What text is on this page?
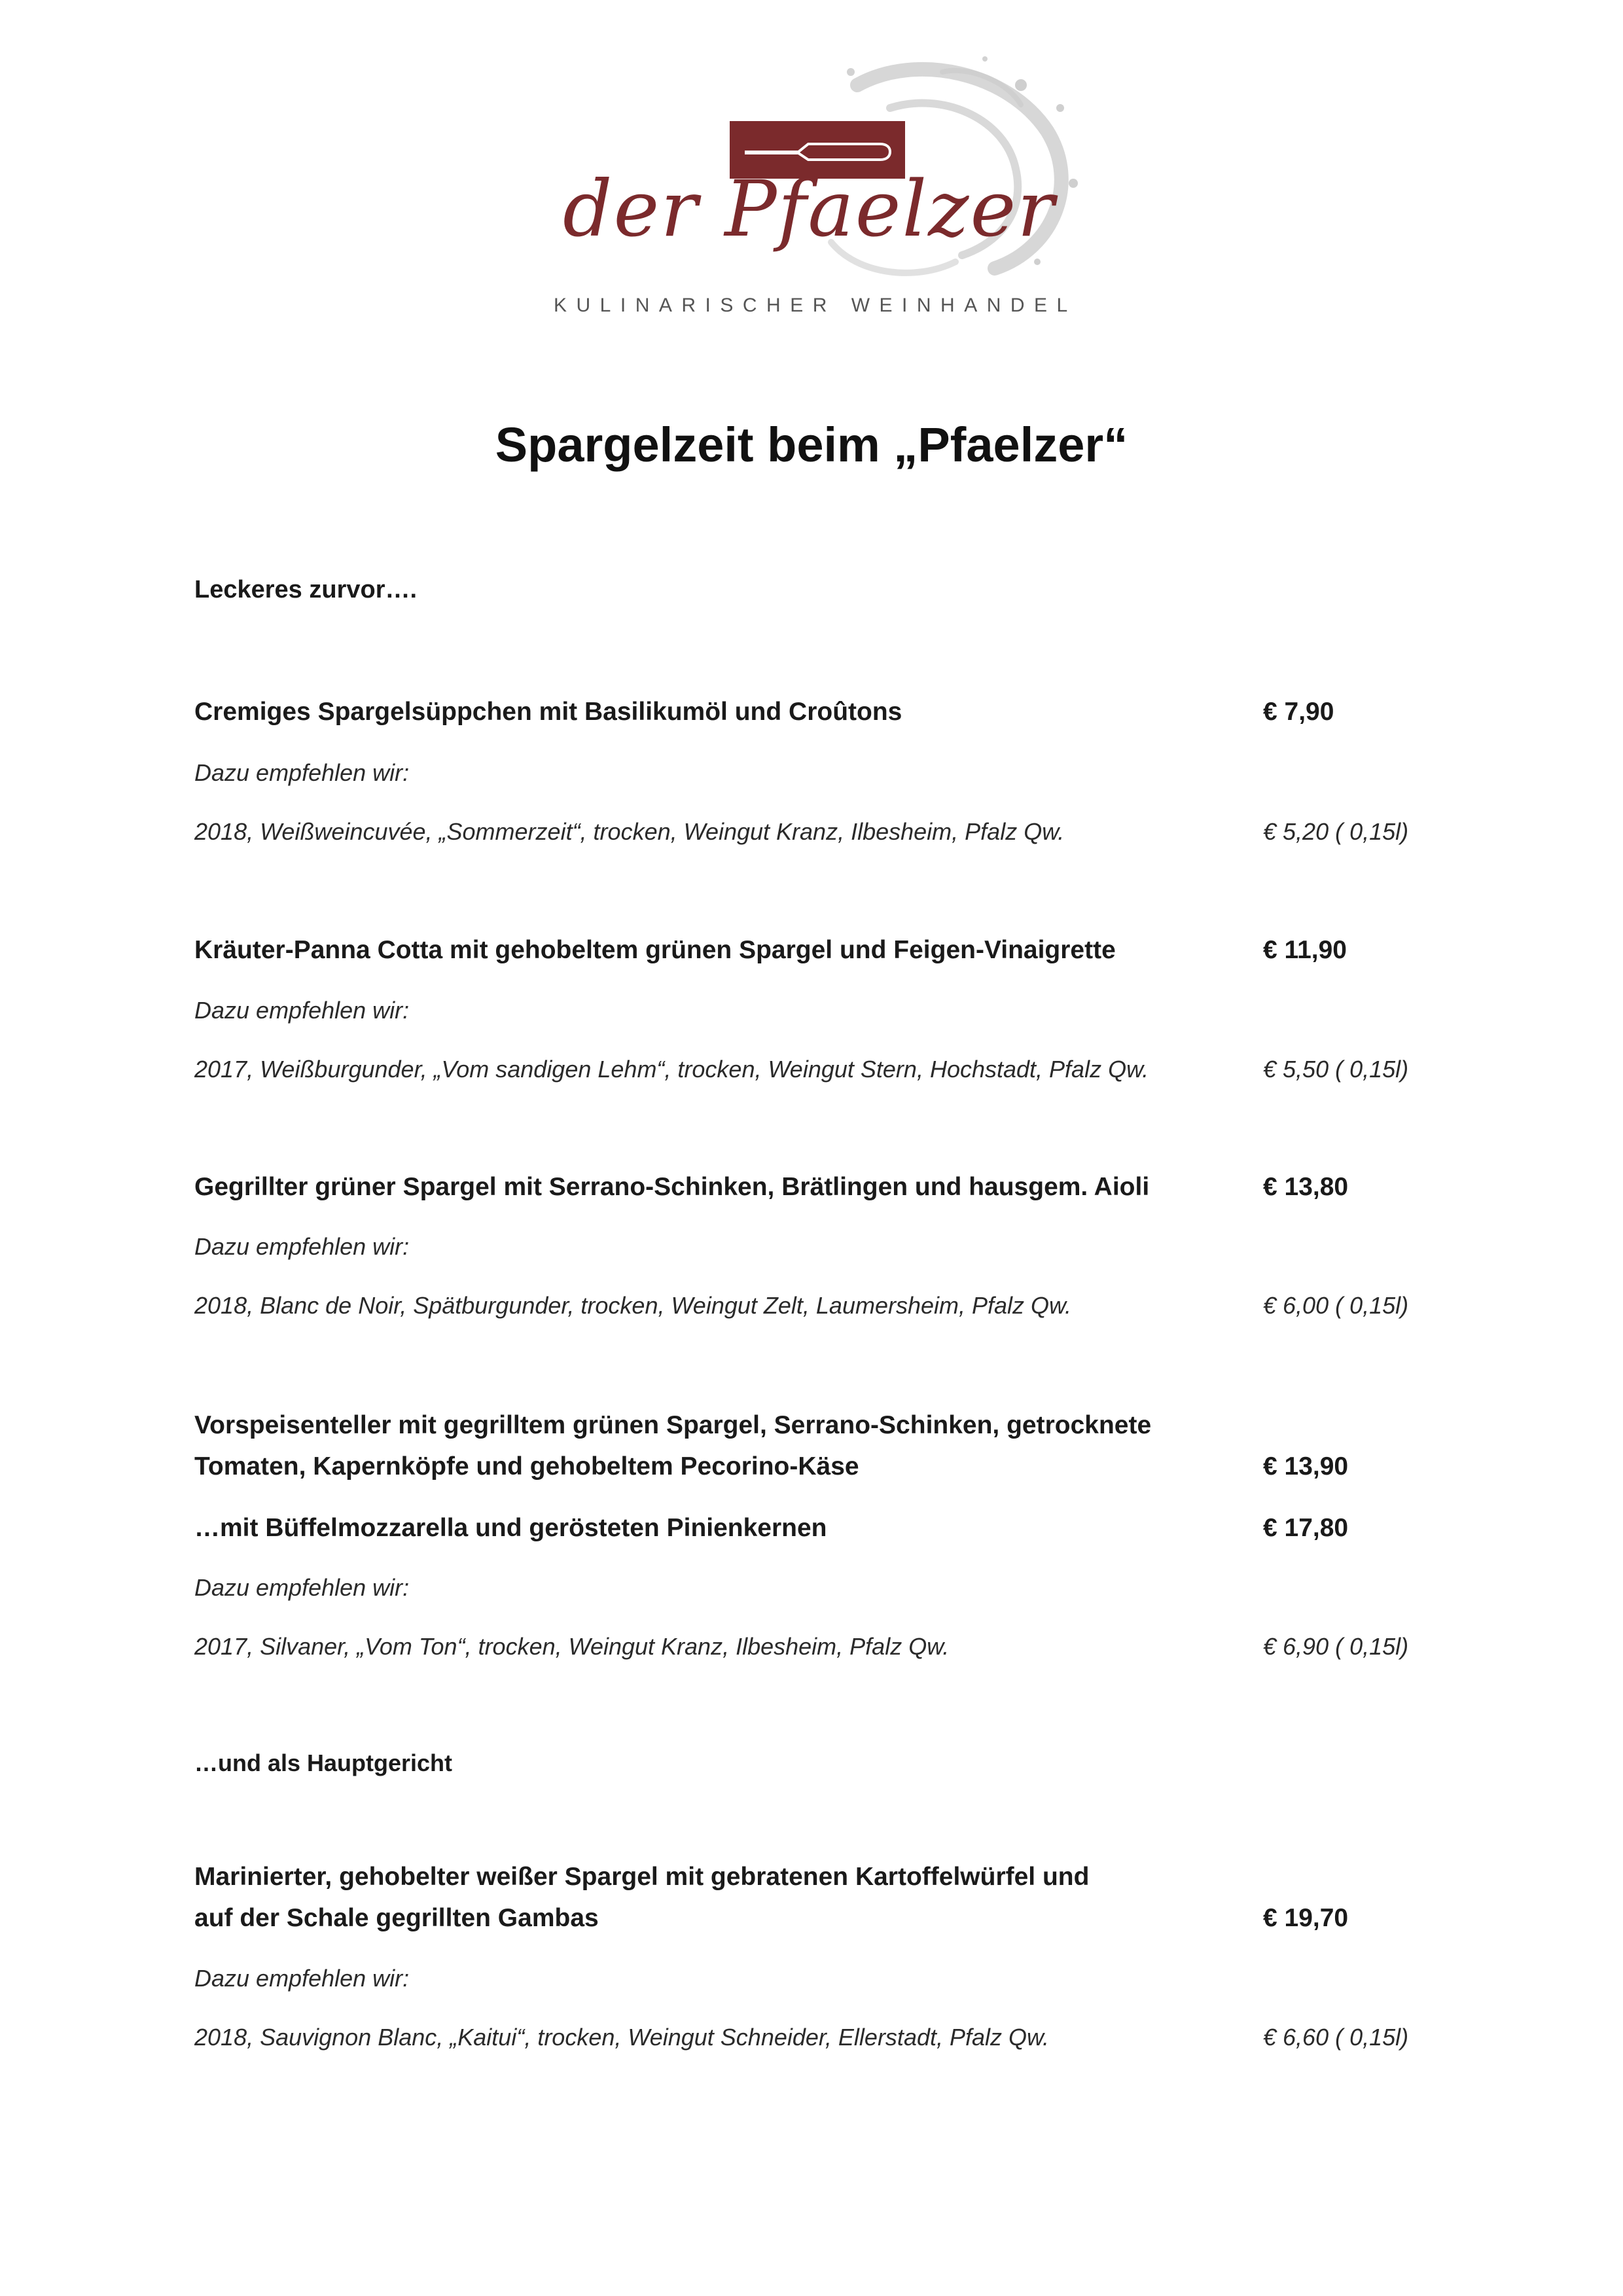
der Pfaelzer
KULINARISCHER WEINHANDEL
Spargelzeit beim „Pfaelzer“
Leckeres zurvor….
Cremiges Spargelsüppchen mit Basilikumöl und Croûtons	€ 7,90
Dazu empfehlen wir:
2018, Weißweincuvée, „Sommerzeit“, trocken, Weingut Kranz, Ilbesheim, Pfalz Qw.	€ 5,20 ( 0,15l)
Kräuter-Panna Cotta mit gehobeltem grünen Spargel und Feigen-Vinaigrette	€ 11,90
Dazu empfehlen wir:
2017, Weißburgunder, „Vom sandigen Lehm“, trocken, Weingut Stern, Hochstadt, Pfalz Qw.	€ 5,50 ( 0,15l)
Gegrillter grüner Spargel mit Serrano-Schinken, Brätlingen und hausgem. Aioli	€ 13,80
Dazu empfehlen wir:
2018, Blanc de Noir, Spätburgunder, trocken, Weingut Zelt, Laumersheim, Pfalz Qw.	€ 6,00 ( 0,15l)
Vorspeisenteller mit gegrilltem grünen Spargel, Serrano-Schinken, getrocknete
Tomaten, Kapernköpfe und gehobeltem Pecorino-Käse	€ 13,90
…mit Büffelmozzarella und gerösteten Pinienkernen	€ 17,80
Dazu empfehlen wir:
2017, Silvaner, „Vom Ton“, trocken, Weingut Kranz, Ilbesheim, Pfalz Qw.	€ 6,90 ( 0,15l)
…und als Hauptgericht
Marinierter, gehobelter weißer Spargel mit gebratenen Kartoffelwürfel und
auf der Schale gegrillten Gambas	€ 19,70
Dazu empfehlen wir:
2018, Sauvignon Blanc, „Kaitui“, trocken, Weingut Schneider, Ellerstadt, Pfalz Qw.	€ 6,60 ( 0,15l)
